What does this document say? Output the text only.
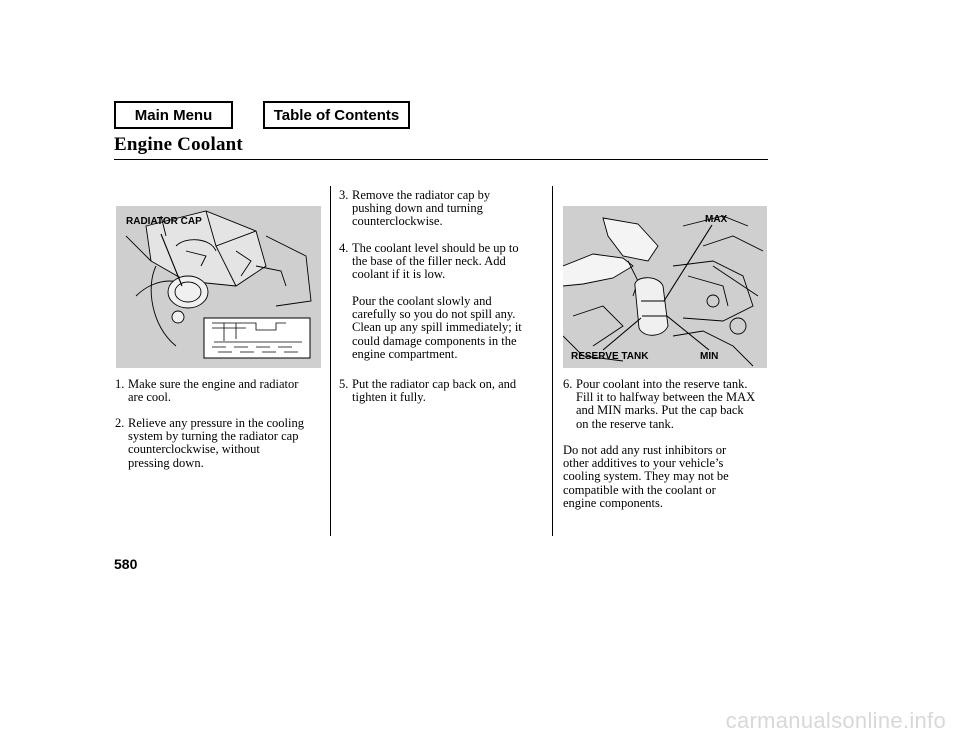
Main Menu	Table of Contents
Engine Coolant
RADIATOR CAP	MAX
RESERVE TANK	MIN
1. Make sure the engine and radiator
are cool.
2. Relieve any pressure in the cooling
system by turning the radiator cap
counterclockwise, without
pressing down.
3. Remove the radiator cap by
pushing down and turning
counterclockwise.
4. The coolant level should be up to
the base of the filler neck. Add
coolant if it is low.
Pour the coolant slowly and
carefully so you do not spill any.
Clean up any spill immediately; it
could damage components in the
engine compartment.
5. Put the radiator cap back on, and
tighten it fully.
6. Pour coolant into the reserve tank.
Fill it to halfway between the MAX
and MIN marks. Put the cap back
on the reserve tank.
Do not add any rust inhibitors or
other additives to your vehicle’s
cooling system. They may not be
compatible with the coolant or
engine components.
580
carmanualsonline.info
